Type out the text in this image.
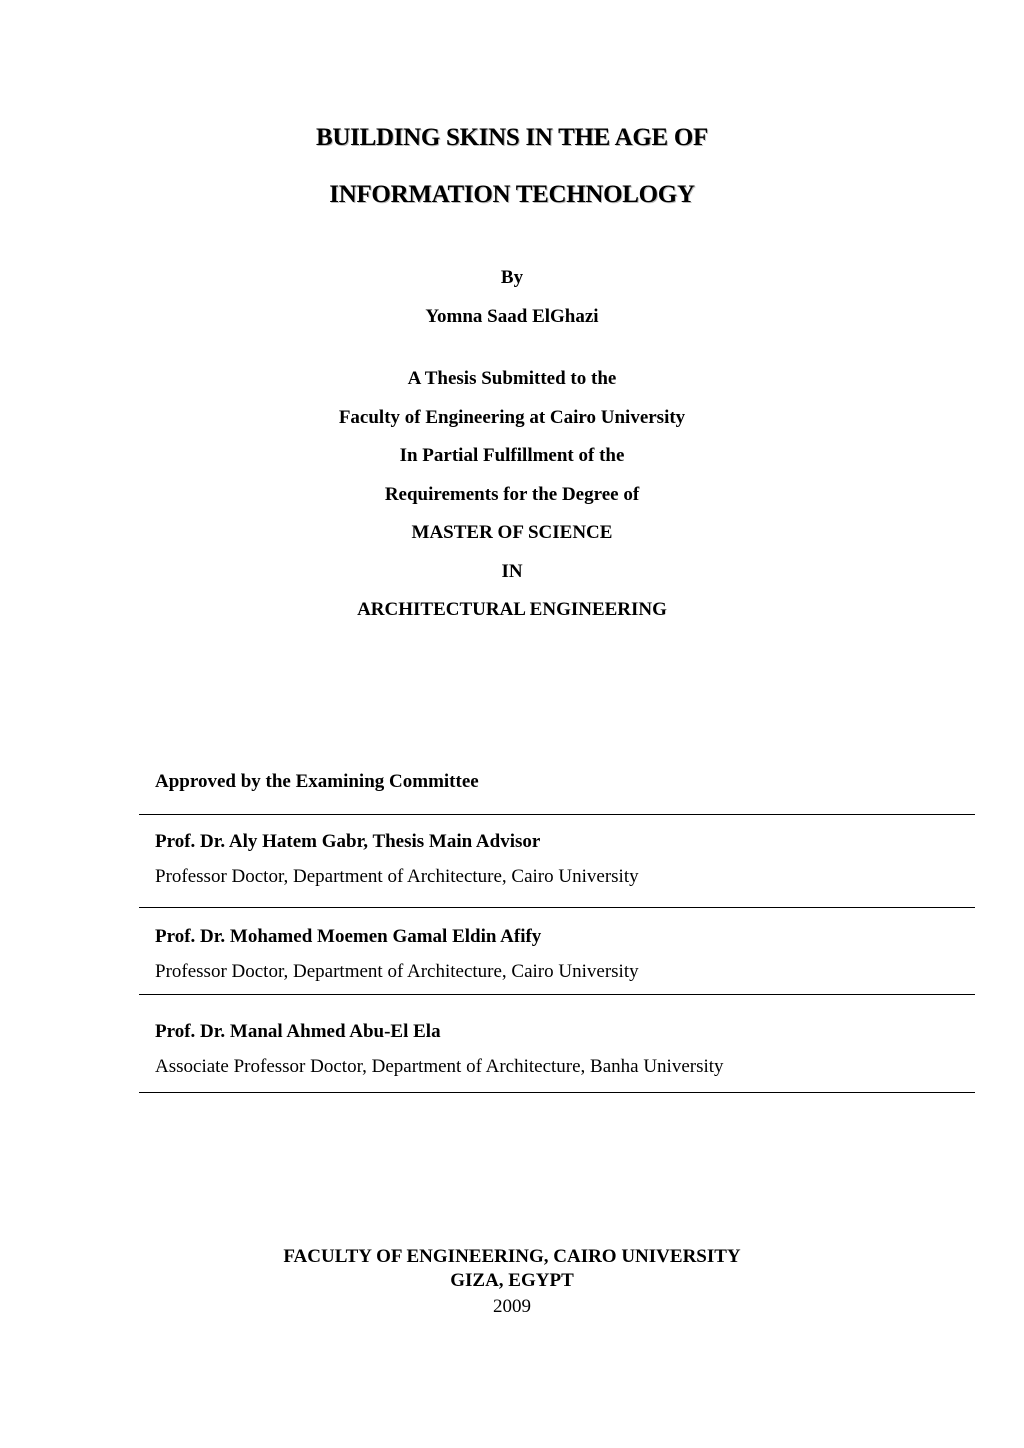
BUILDING SKINS IN THE AGE OF
INFORMATION TECHNOLOGY
By
Yomna Saad ElGhazi
A Thesis Submitted to the
Faculty of Engineering at Cairo University
In Partial Fulfillment of the
Requirements for the Degree of
MASTER OF SCIENCE
IN
ARCHITECTURAL ENGINEERING
Approved by the Examining Committee
Prof. Dr. Aly Hatem Gabr, Thesis Main Advisor
Professor Doctor, Department of Architecture, Cairo University
Prof. Dr. Mohamed Moemen Gamal Eldin Afify
Professor Doctor, Department of Architecture, Cairo University
Prof. Dr. Manal Ahmed Abu-El Ela
Associate Professor Doctor, Department of Architecture, Banha University
FACULTY OF ENGINEERING, CAIRO UNIVERSITY
GIZA, EGYPT
2009
